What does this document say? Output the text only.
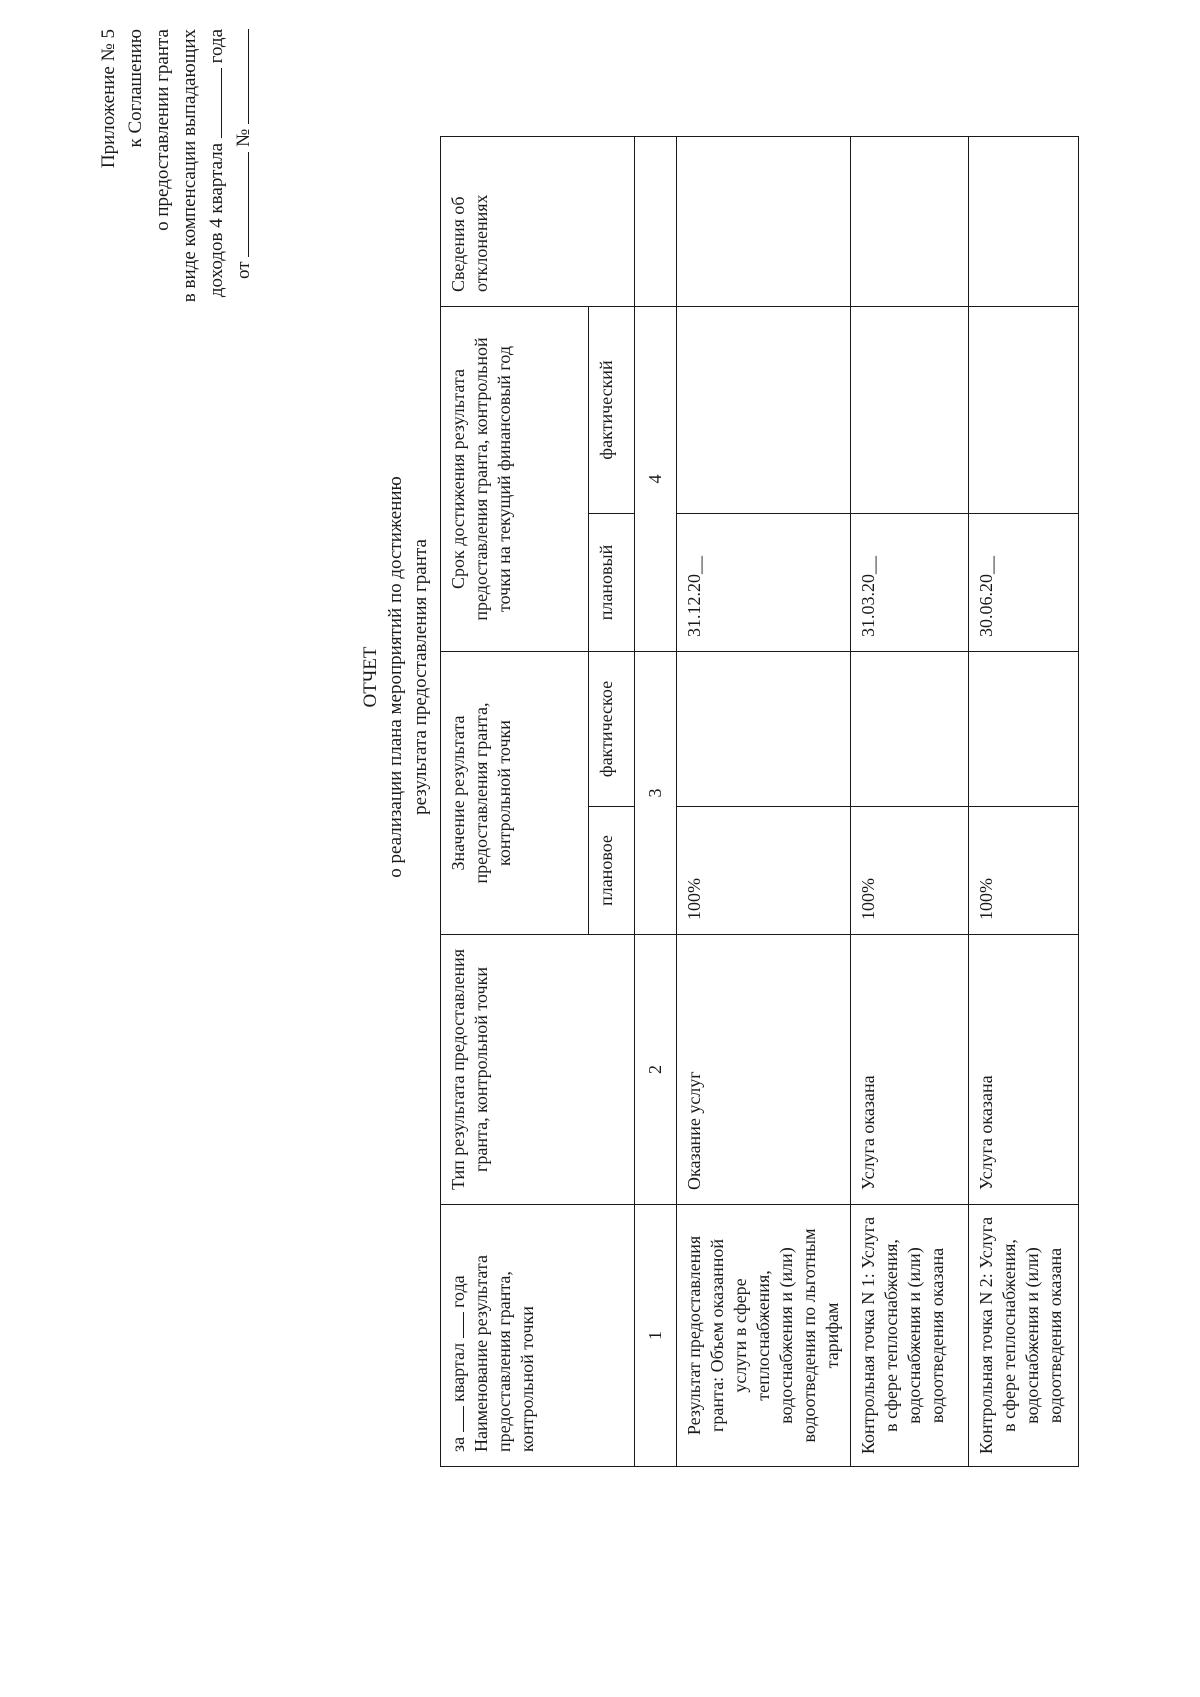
Приложение № 5 к Соглашению о предоставлении гранта в виде компенсации выпадающих доходов 4 квартала  года
от  №
ОТЧЕТ о реализации плана мероприятий по достижению результата предоставления гранта
за  квартал  года Наименование результата предоставления гранта, контрольной точки	Тип результата предоставления гранта, контрольной точки	Значение результата предоставления гранта, контрольной точки		Срок достижения результата предоставления гранта, контрольной точки на текущий финансовый год		Сведения об отклонениях
		плановое	фактическое	плановый	фактический	
1	2	3		4		
Результат предоставления гранта: Объем оказанной услуги в сфере теплоснабжения, водоснабжения и (или) водоотведения по льготным тарифам	Оказание услуг	100%		31.12.20__		
Контрольная точка N 1: Услуга в сфере теплоснабжения, водоснабжения и (или) водоотведения оказана	Услуга оказана	100%		31.03.20__		
Контрольная точка N 2: Услуга в сфере теплоснабжения, водоснабжения и (или) водоотведения оказана	Услуга оказана	100%		30.06.20__		
